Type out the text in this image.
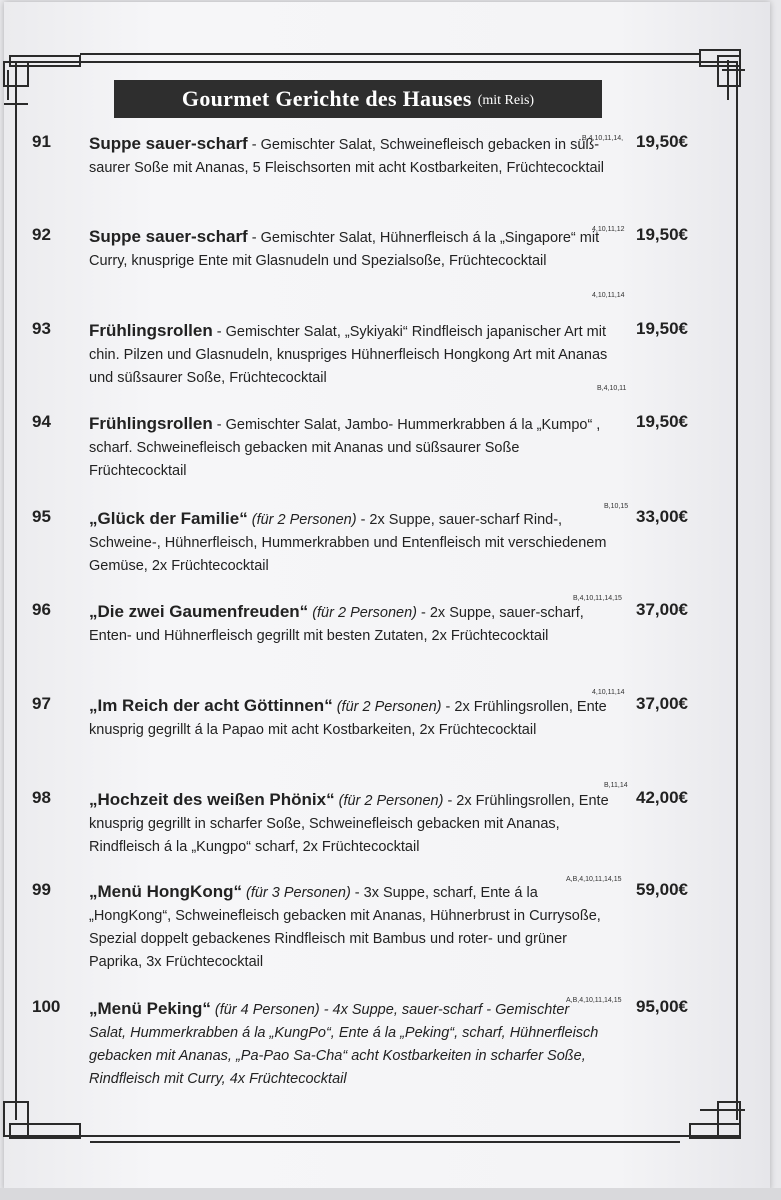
Gourmet Gerichte des Hauses (mit Reis)
91 Suppe sauer-scharf - Gemischter Salat, Schweinefleisch gebacken in süß-saurer Soße mit Ananas, 5 Fleischsorten mit acht Kostbarkeiten, Früchtecocktail
B,4,10,11,14, 19,50€
92 Suppe sauer-scharf - Gemischter Salat, Hühnerfleisch á la „Singapore“ mit Curry, knusprige Ente mit Glasnudeln und Spezialsoße, Früchtecocktail
4,10,11,12 19,50€
93 Frühlingsrollen - Gemischter Salat, „Sykiyaki“ Rindfleisch japanischer Art mit chin. Pilzen und Glasnudeln, knuspriges Hühnerfleisch Hongkong Art mit Ananas und süßsaurer Soße, Früchtecocktail
4,10,11,14
19,50€
94 Frühlingsrollen - Gemischter Salat, Jambo- Hummerkrabben á la „Kumpo“ , scharf. Schweinefleisch gebacken mit Ananas und süßsaurer Soße Früchtecocktail
B,4,10,11
19,50€
95 „Glück der Familie“ (für 2 Personen) - 2x Suppe, sauer-scharf Rind-, Schweine-, Hühnerfleisch, Hummerkrabben und Entenfleisch mit verschiedenem Gemüse, 2x Früchtecocktail
B,10,15
33,00€
96 „Die zwei Gaumenfreuden“ (für 2 Personen) - 2x Suppe, sauer-scharf, Enten- und Hühnerfleisch gegrillt mit besten Zutaten, 2x Früchtecocktail
B,4,10,11,14,15
37,00€
97 „Im Reich der acht Göttinnen“ (für 2 Personen) - 2x Frühlingsrollen, Ente knusprig gegrillt á la Papao mit acht Kostbarkeiten, 2x Früchtecocktail
4,10,11,14
37,00€
98 „Hochzeit des weißen Phönix“ (für 2 Personen) - 2x Frühlingsrollen, Ente knusprig gegrillt in scharfer Soße, Schweinefleisch gebacken mit Ananas, Rindfleisch á la „Kungpo“ scharf, 2x Früchtecocktail
B,11,14
42,00€
99 „Menü HongKong“ (für 3 Personen) - 3x Suppe, scharf, Ente á la „HongKong“, Schweinefleisch gebacken mit Ananas, Hühnerbrust in Currysoße, Spezial doppelt gebackenes Rindfleisch mit Bambus und roter- und grüner Paprika, 3x Früchtecocktail
A,B,4,10,11,14,15
59,00€
100 „Menü Peking“ (für 4 Personen) - 4x Suppe, sauer-scharf - Gemischter Salat, Hummerkrabben á la „KungPo“, Ente á la „Peking“, scharf, Hühnerfleisch gebacken mit Ananas, „Pa-Pao Sa-Cha“ acht Kostbarkeiten in scharfer Soße, Rindfleisch mit Curry, 4x Früchtecocktail
A,B,4,10,11,14,15 95,00€
